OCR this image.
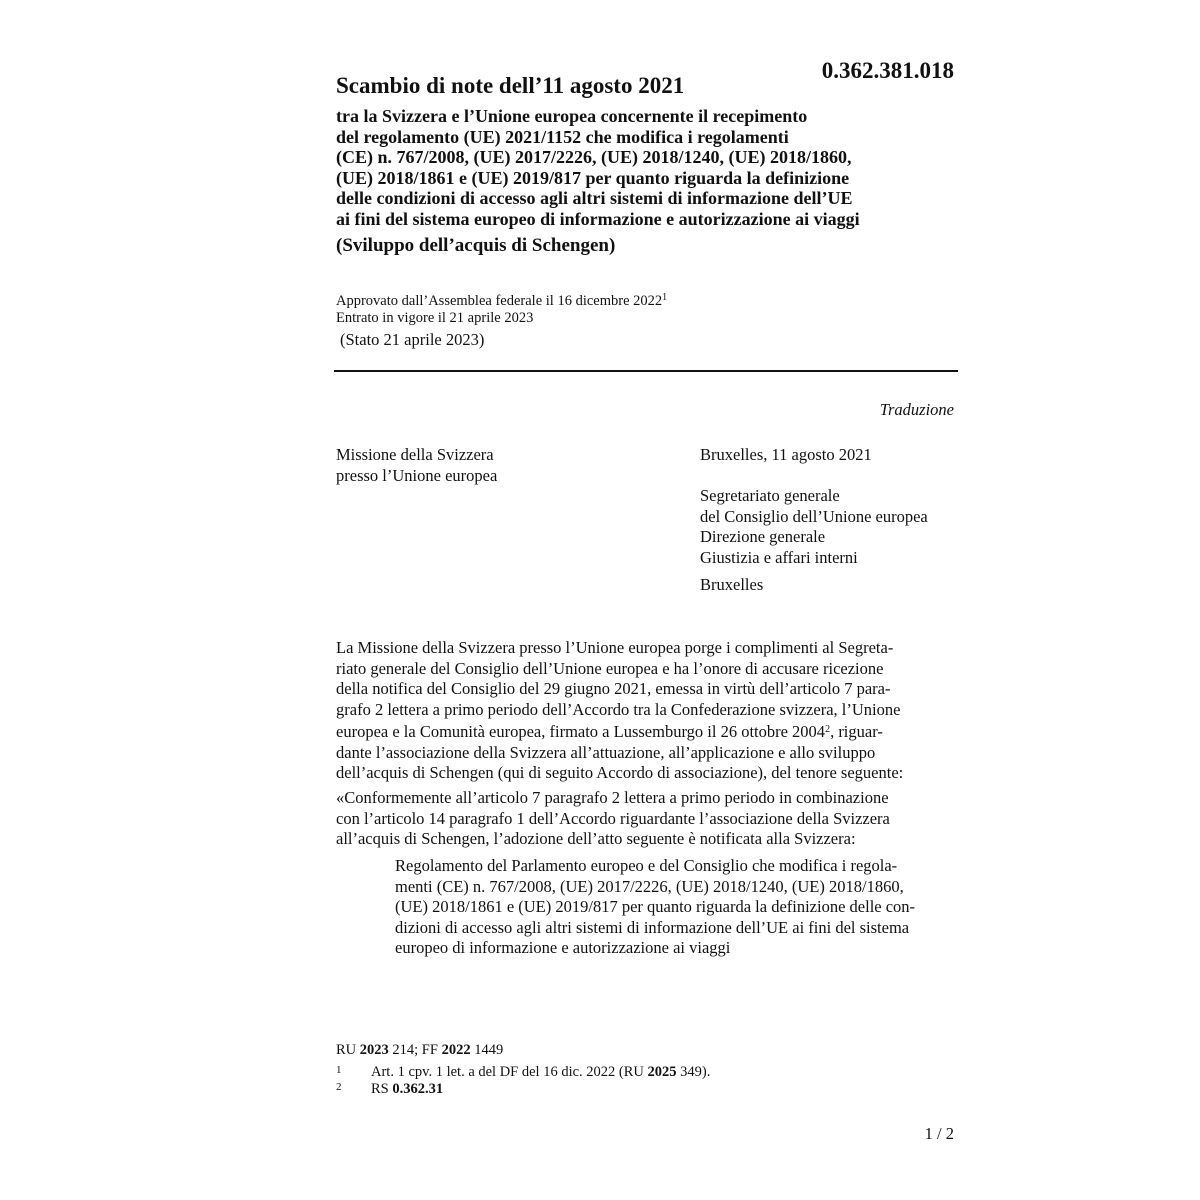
0.362.381.018
Scambio di note dell’11 agosto 2021
tra la Svizzera e l’Unione europea concernente il recepimento
del regolamento (UE) 2021/1152 che modifica i regolamenti
(CE) n. 767/2008, (UE) 2017/2226, (UE) 2018/1240, (UE) 2018/1860,
(UE) 2018/1861 e (UE) 2019/817 per quanto riguarda la definizione
delle condizioni di accesso agli altri sistemi di informazione dell’UE
ai fini del sistema europeo di informazione e autorizzazione ai viaggi
(Sviluppo dell’acquis di Schengen)
Approvato dall’Assemblea federale il 16 dicembre 2022$^1$
Entrato in vigore il 21 aprile 2023
(Stato 21 aprile 2023)
Traduzione
Missione della Svizzera
presso l’Unione europea
Bruxelles, 11 agosto 2021
Segretariato generale
del Consiglio dell’Unione europea
Direzione generale
Giustizia e affari interni
Bruxelles
La Missione della Svizzera presso l’Unione europea porge i complimenti al Segreta-
riato generale del Consiglio dell’Unione europea e ha l’onore di accusare ricezione
della notifica del Consiglio del 29 giugno 2021, emessa in virtù dell’articolo 7 para-
grafo 2 lettera a primo periodo dell’Accordo tra la Confederazione svizzera, l’Unione
europea e la Comunità europea, firmato a Lussemburgo il 26 ottobre 2004$^2$, riguar-
dante l’associazione della Svizzera all’attuazione, all’applicazione e allo sviluppo
dell’acquis di Schengen (qui di seguito Accordo di associazione), del tenore seguente:
«Conformemente all’articolo 7 paragrafo 2 lettera a primo periodo in combinazione
con l’articolo 14 paragrafo 1 dell’Accordo riguardante l’associazione della Svizzera
all’acquis di Schengen, l’adozione dell’atto seguente è notificata alla Svizzera:
Regolamento del Parlamento europeo e del Consiglio che modifica i regola-
menti (CE) n. 767/2008, (UE) 2017/2226, (UE) 2018/1240, (UE) 2018/1860,
(UE) 2018/1861 e (UE) 2019/817 per quanto riguarda la definizione delle con-
dizioni di accesso agli altri sistemi di informazione dell’UE ai fini del sistema
europeo di informazione e autorizzazione ai viaggi
RU 2023 214; FF 2022 1449
1 Art. 1 cpv. 1 let. a del DF del 16 dic. 2022 (RU 2025 349).
2 RS 0.362.31
1 / 2
